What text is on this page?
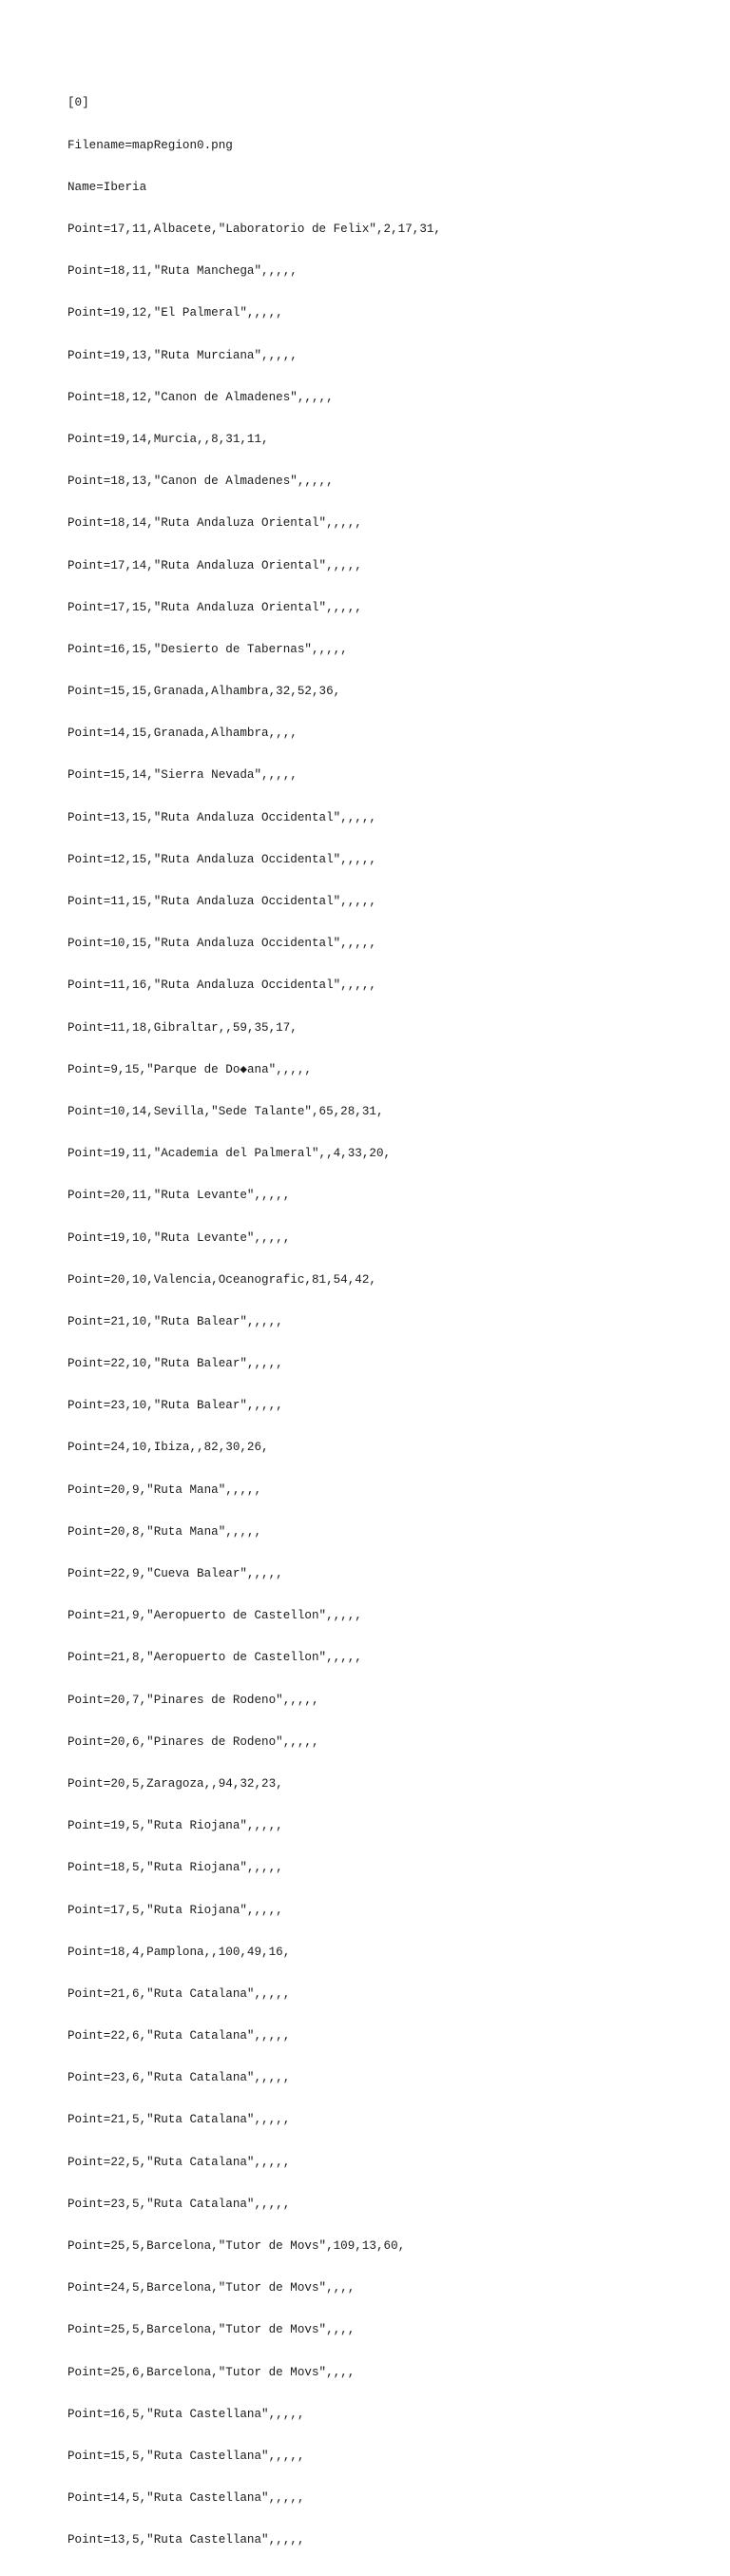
[0]

Filename=mapRegion0.png

Name=Iberia

Point=17,11,Albacete,"Laboratorio de Felix",2,17,31,

Point=18,11,"Ruta Manchega",,,,,

Point=19,12,"El Palmeral",,,,,

Point=19,13,"Ruta Murciana",,,,,

Point=18,12,"Canon de Almadenes",,,,,

Point=19,14,Murcia,,8,31,11,

Point=18,13,"Canon de Almadenes",,,,,

Point=18,14,"Ruta Andaluza Oriental",,,,,

Point=17,14,"Ruta Andaluza Oriental",,,,,

Point=17,15,"Ruta Andaluza Oriental",,,,,

Point=16,15,"Desierto de Tabernas",,,,,

Point=15,15,Granada,Alhambra,32,52,36,

Point=14,15,Granada,Alhambra,,,,

Point=15,14,"Sierra Nevada",,,,,

Point=13,15,"Ruta Andaluza Occidental",,,,,

Point=12,15,"Ruta Andaluza Occidental",,,,,

Point=11,15,"Ruta Andaluza Occidental",,,,,

Point=10,15,"Ruta Andaluza Occidental",,,,,

Point=11,16,"Ruta Andaluza Occidental",,,,,

Point=11,18,Gibraltar,,59,35,17,

Point=9,15,"Parque de Do◆ana",,,,,

Point=10,14,Sevilla,"Sede Talante",65,28,31,

Point=19,11,"Academia del Palmeral",,4,33,20,

Point=20,11,"Ruta Levante",,,,,

Point=19,10,"Ruta Levante",,,,,

Point=20,10,Valencia,Oceanografic,81,54,42,

Point=21,10,"Ruta Balear",,,,,

Point=22,10,"Ruta Balear",,,,,

Point=23,10,"Ruta Balear",,,,,

Point=24,10,Ibiza,,82,30,26,

Point=20,9,"Ruta Mana",,,,,

Point=20,8,"Ruta Mana",,,,,

Point=22,9,"Cueva Balear",,,,,

Point=21,9,"Aeropuerto de Castellon",,,,,

Point=21,8,"Aeropuerto de Castellon",,,,,

Point=20,7,"Pinares de Rodeno",,,,,

Point=20,6,"Pinares de Rodeno",,,,,

Point=20,5,Zaragoza,,94,32,23,

Point=19,5,"Ruta Riojana",,,,,

Point=18,5,"Ruta Riojana",,,,,

Point=17,5,"Ruta Riojana",,,,,

Point=18,4,Pamplona,,100,49,16,

Point=21,6,"Ruta Catalana",,,,,

Point=22,6,"Ruta Catalana",,,,,

Point=23,6,"Ruta Catalana",,,,,

Point=21,5,"Ruta Catalana",,,,,

Point=22,5,"Ruta Catalana",,,,,

Point=23,5,"Ruta Catalana",,,,,

Point=25,5,Barcelona,"Tutor de Movs",109,13,60,

Point=24,5,Barcelona,"Tutor de Movs",,,,

Point=25,5,Barcelona,"Tutor de Movs",,,,

Point=25,6,Barcelona,"Tutor de Movs",,,,

Point=16,5,"Ruta Castellana",,,,,

Point=15,5,"Ruta Castellana",,,,,

Point=14,5,"Ruta Castellana",,,,,

Point=13,5,"Ruta Castellana",,,,,
